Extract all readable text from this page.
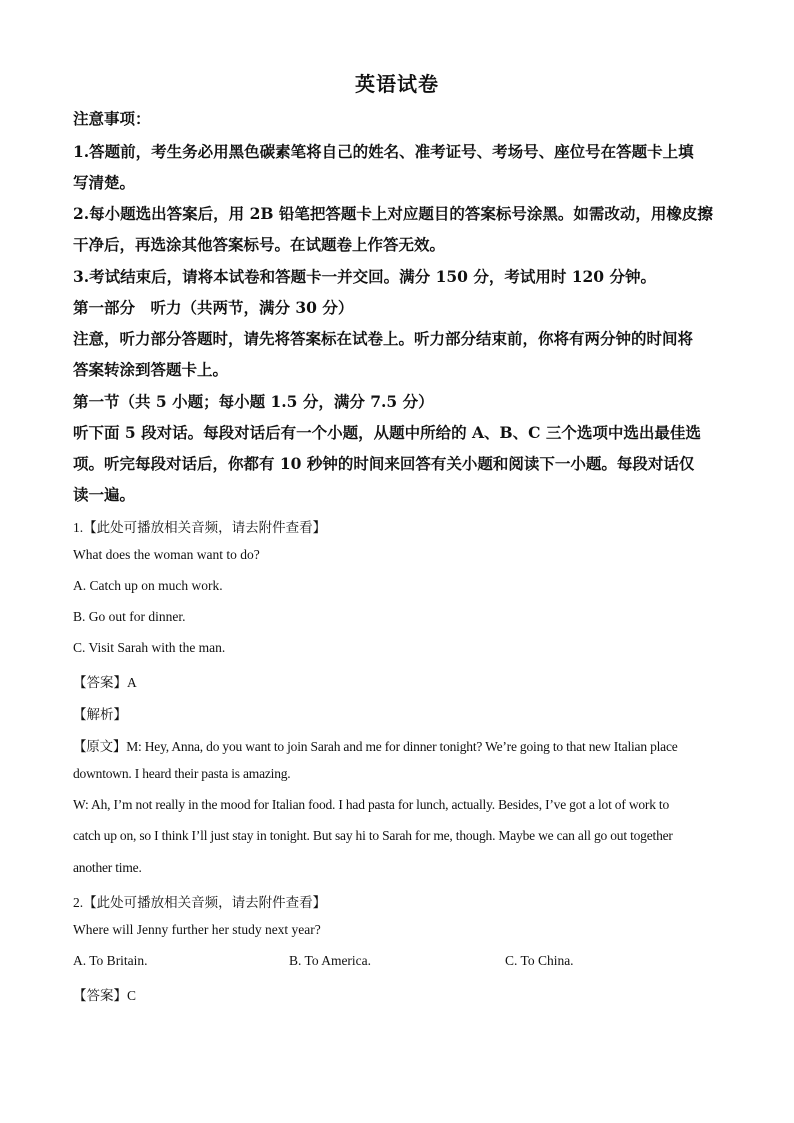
英语试卷
注意事项：
1.答题前，考生务必用黑色碳素笔将自己的姓名、准考证号、考场号、座位号在答题卡上填
写清楚。
2.每小题选出答案后，用 2B 铅笔把答题卡上对应题目的答案标号涂黑。如需改动，用橡皮擦
干净后，再选涂其他答案标号。在试题卷上作答无效。
3.考试结束后，请将本试卷和答题卡一并交回。满分 150 分，考试用时 120 分钟。
第一部分　听力（共两节，满分 30 分）
注意，听力部分答题时，请先将答案标在试卷上。听力部分结束前，你将有两分钟的时间将
答案转涂到答题卡上。
第一节（共 5 小题；每小题 1.5 分，满分 7.5 分）
听下面 5 段对话。每段对话后有一个小题，从题中所给的 A、B、C 三个选项中选出最佳选
项。听完每段对话后，你都有 10 秒钟的时间来回答有关小题和阅读下一小题。每段对话仅
读一遍。
1.【此处可播放相关音频，请去附件查看】
What does the woman want to do?
A. Catch up on much work.
B. Go out for dinner.
C. Visit Sarah with the man.
【答案】A
【解析】
【原文】M: Hey, Anna, do you want to join Sarah and me for dinner tonight? We’re going to that new Italian place
downtown. I heard their pasta is amazing.
W: Ah, I’m not really in the mood for Italian food. I had pasta for lunch, actually. Besides, I’ve got a lot of work to
catch up on, so I think I’ll just stay in tonight. But say hi to Sarah for me, though. Maybe we can all go out together
another time.
2.【此处可播放相关音频，请去附件查看】
Where will Jenny further her study next year?
A. To Britain.	B. To America.	C. To China.
【答案】C
